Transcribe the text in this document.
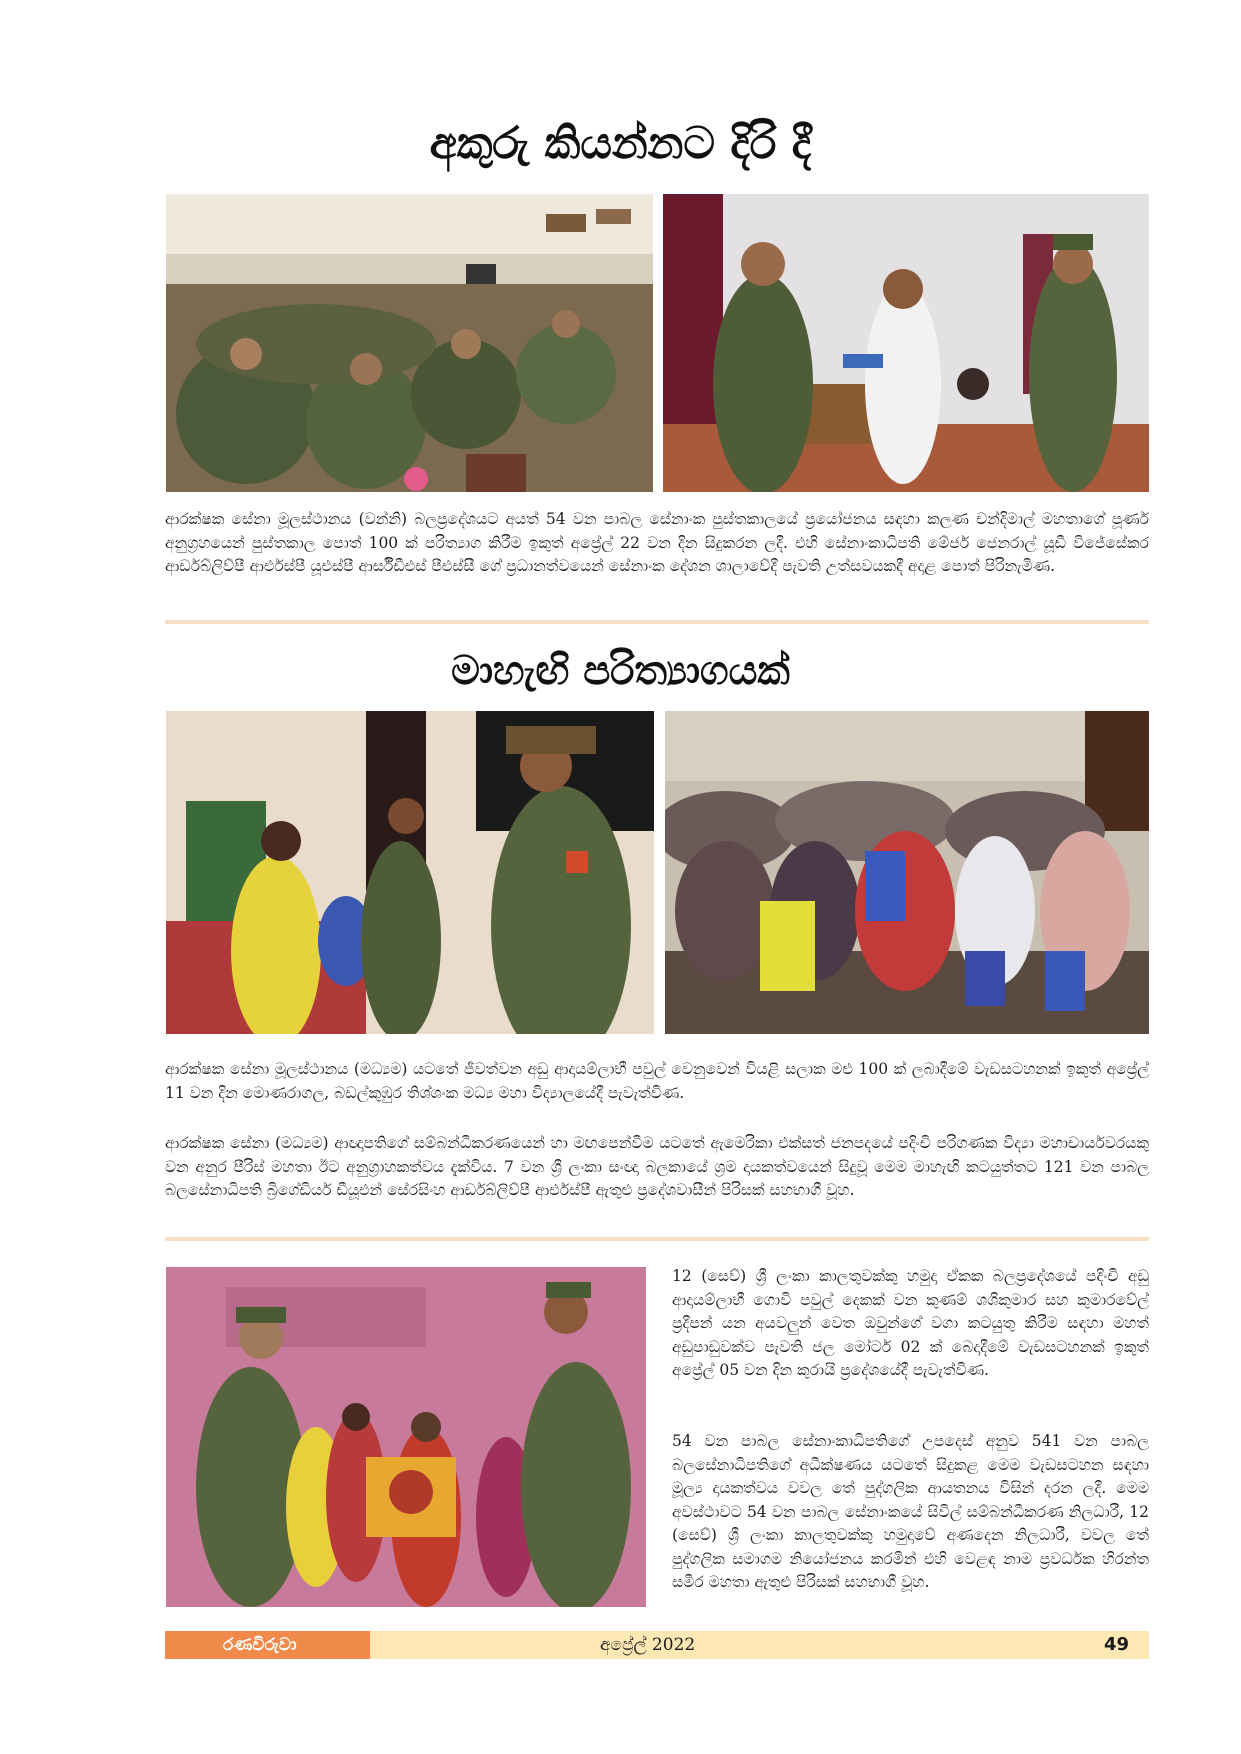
අකුරු කියන්නට දිරි දී

ආරක්ෂක සේනා මූලස්ථානය (වන්නි) බලප්‍රදේශයට අයත් 54 වන පාබල සේනාංක පුස්තකාලයේ ප්‍රයෝජනය සඳහා කලණ චන්දිමාල් මහතාගේ පූර්ණ අනුග්‍රහයෙන් පුස්තකාල පොත් 100 ක් පරිත්‍යාග කිරීම ඉකුත් අප්‍රේල් 22 වන දින සිදුකරන ලදී. එහි සේනාංකාධිපති මේජර් ජෙනරාල් යූඩී විජේසේකර ආර්ඩබ්ලිව්පී ආර්එස්පී යූඑස්පී ආර්සීඩීඑස් පීඑස්සී ගේ ප්‍රධානත්වයෙන් සේනාංක දේශන ශාලාවේදී පැවති උත්සවයකදී අදාළ පොත් පිරිනැමිණ.

මාහැඟි පරිත්‍යාගයක්

ආරක්ෂක සේනා මූලස්ථානය (මධ්‍යම) යටතේ ජීවත්වන අඩු ආදායම්ලාභී පවුල් වෙනුවෙන් වියළි සලාක මළු 100 ක් ලබාදීමේ වැඩසටහනක් ඉකුත් අප්‍රේල් 11 වන දින මොණරාගල, බඩල්කුඹුර තිශ්ශංක මධ්‍ය මහා විද්‍යාලයේදී පැවැත්විණ.

ආරක්ෂක සේනා (මධ්‍යම) ආඥාපතිගේ සම්බන්ධීකරණයෙන් හා මඟපෙන්වීම යටතේ ඇමෙරිකා එක්සත් ජනපදයේ පදිංචි පරිගණක විද්‍යා මහාචාර්යවරයකු වන අනුර පීරිස් මහතා ඊට අනුග්‍රාහකත්වය දැක්විය. 7 වන ශ්‍රී ලංකා සංඥා බලකායේ ශ්‍රම දායකත්වයෙන් සිදුවූ මෙම මාහැඟි කටයුත්තට 121 වන පාබල බලසේනාධිපති බ්‍රිගේඩියර් ඩීයූඑන් සේරසිංහ ආර්ඩබ්ලිව්පී ආර්එස්පී ඇතුළු ප්‍රදේශවාසීන් පිරිසක් සහභාගී වූහ.

12 (සෙව්) ශ්‍රී ලංකා කාලතුවක්කු හමුදා ඒකක බලප්‍රදේශයේ පදිංචි අඩු ආදායම්ලාභී ගොවි පවුල් දෙකක් වන කුණම් ශශිකුමාර සහ කුමාරවේල් ප්‍රදීපන් යන අයවලුන් වෙත ඔවුන්ගේ වගා කටයුතු කිරීම සඳහා මහත් අඩුපාඩුවක්ව පැවති ජල මෝටර් 02 ක් බෙදාදීමේ වැඩසටහනක් ඉකුත් අප්‍රේල් 05 වන දින කුරායි ප්‍රදේශයේදී පැවැත්විණ.

54 වන පාබල සේනාංකාධිපතිගේ උපදෙස් අනුව 541 වන පාබල බලසේනාධිපතිගේ අධීක්ෂණය යටතේ සිදුකළ මෙම වැඩසටහන සඳහා මූල්‍ය දායකත්වය වවල තේ පුද්ගලික ආයතනය විසින් දරන ලදී. මෙම අවස්ථාවට 54 වන පාබල සේනාංකයේ සිවිල් සම්බන්ධීකරණ නිලධාරී, 12 (සෙව්) ශ්‍රී ලංකා කාලතුවක්කු හමුදාවේ අණදෙන නිලධාරී, වවල තේ පුද්ගලික සමාගම නියෝජනය කරමින් එහි වෙළඳ නාම ප්‍රවර්ධක හිරන්ත සමීර මහතා ඇතුළු පිරිසක් සහභාගී වූහ.

රණවිරුවා	අප්‍රේල් 2022	49
